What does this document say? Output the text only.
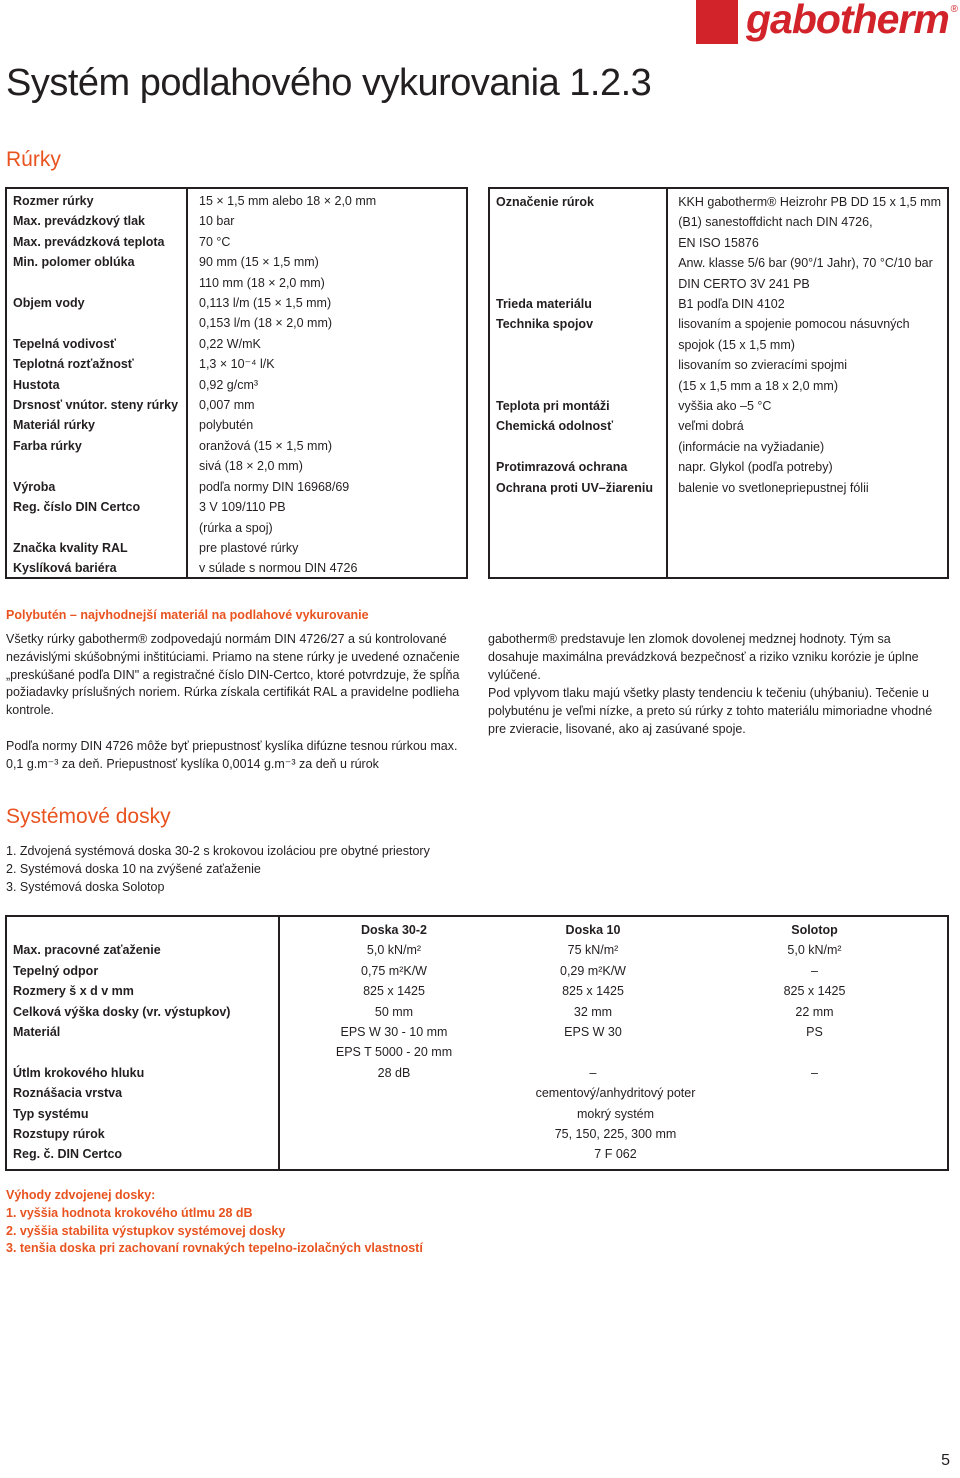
gabotherm ®
Systém podlahového vykurovania 1.2.3
Rúrky
Rozmer rúrky	15 × 1,5 mm alebo 18 × 2,0 mm
Max. prevádzkový tlak	10 bar
Max. prevádzková teplota	70 °C
Min. polomer oblúka	90 mm (15 × 1,5 mm)
	110 mm (18 × 2,0 mm)
Objem vody	0,113 l/m (15 × 1,5 mm)
	0,153 l/m (18 × 2,0 mm)
Tepelná vodivosť	0,22 W/mK
Teplotná rozťažnosť	1,3 × 10⁻⁴ l/K
Hustota	0,92 g/cm³
Drsnosť vnútor. steny rúrky	0,007 mm
Materiál rúrky	polybutén
Farba rúrky	oranžová (15 × 1,5 mm)
	sivá (18 × 2,0 mm)
Výroba	podľa normy DIN 16968/69
Reg. číslo DIN Certco	3 V 109/110 PB
	(rúrka a spoj)
Značka kvality RAL	pre plastové rúrky
Kyslíková bariéra	v súlade s normou DIN 4726
Označenie rúrok	KKH gabotherm® Heizrohr PB DD 15 x 1,5 mm
	(B1) sanestoffdicht nach DIN 4726,
	EN ISO 15876
	Anw. klasse 5/6 bar (90°/1 Jahr), 70 °C/10 bar
	DIN CERTO 3V 241 PB
Trieda materiálu	B1 podľa DIN 4102
Technika spojov	lisovaním a spojenie pomocou násuvných
	spojok (15 x 1,5 mm)
	lisovaním so zvieracími spojmi
	(15 x 1,5 mm a 18 x 2,0 mm)
Teplota pri montáži	vyššia ako –5 °C
Chemická odolnosť	veľmi dobrá
	(informácie na vyžiadanie)
Protimrazová ochrana	napr. Glykol (podľa potreby)
Ochrana proti UV–žiareniu	balenie vo svetlonepriepustnej fólii
Polybutén – najvhodnejší materiál na podlahové vykurovanie

Všetky rúrky gabotherm® zodpovedajú normám DIN 4726/27 a sú kontrolované nezávislými skúšobnými inštitúciami. Priamo na stene rúrky je uvedené označenie „preskúšané podľa DIN" a registračné číslo DIN-Certco, ktoré potvrdzuje, že spĺňa požiadavky príslušných noriem. Rúrka získala certifikát RAL a pravidelne podlieha kontrole.

Podľa normy DIN 4726 môže byť priepustnosť kyslíka difúzne tesnou rúrkou max. 0,1 g.m⁻³ za deň. Priepustnosť kyslíka 0,0014 g.m⁻³ za deň u rúrok

gabotherm® predstavuje len zlomok dovolenej medznej hodnoty. Tým sa dosahuje maximálna prevádzková bezpečnosť a riziko vzniku korózie je úplne vylúčené.

Pod vplyvom tlaku majú všetky plasty tendenciu k tečeniu (uhýbaniu). Tečenie u polybuténu je veľmi nízke, a preto sú rúrky z tohto materiálu mimoriadne vhodné pre zvieracie, lisované, ako aj zasúvané spoje.

Systémové dosky
1. Zdvojená systémová doska 30-2 s krokovou izoláciou pre obytné priestory
2. Systémová doska 10 na zvýšené zaťaženie
3. Systémová doska Solotop
	Doska 30-2	Doska 10	Solotop
Max. pracovné zaťaženie	5,0 kN/m²	75 kN/m²	5,0 kN/m²
Tepelný odpor	0,75 m²K/W	0,29 m²K/W	–
Rozmery š x d v mm	825 x 1425	825 x 1425	825 x 1425
Celková výška dosky (vr. výstupkov)	50 mm	32 mm	22 mm
Materiál	EPS W 30 - 10 mm	EPS W 30	PS
	EPS T 5000 - 20 mm		
Útlm krokového hluku	28 dB	–	–
Roznášacia vrstva	cementový/anhydritový poter		
Typ systému	mokrý systém		
Rozstupy rúrok	75, 150, 225, 300 mm		
Reg. č. DIN Certco	7 F 062		
Výhody zdvojenej dosky:
1. vyššia hodnota krokového útlmu 28 dB
2. vyššia stabilita výstupkov systémovej dosky
3. tenšia doska pri zachovaní rovnakých tepelno-izolačných vlastností
5
